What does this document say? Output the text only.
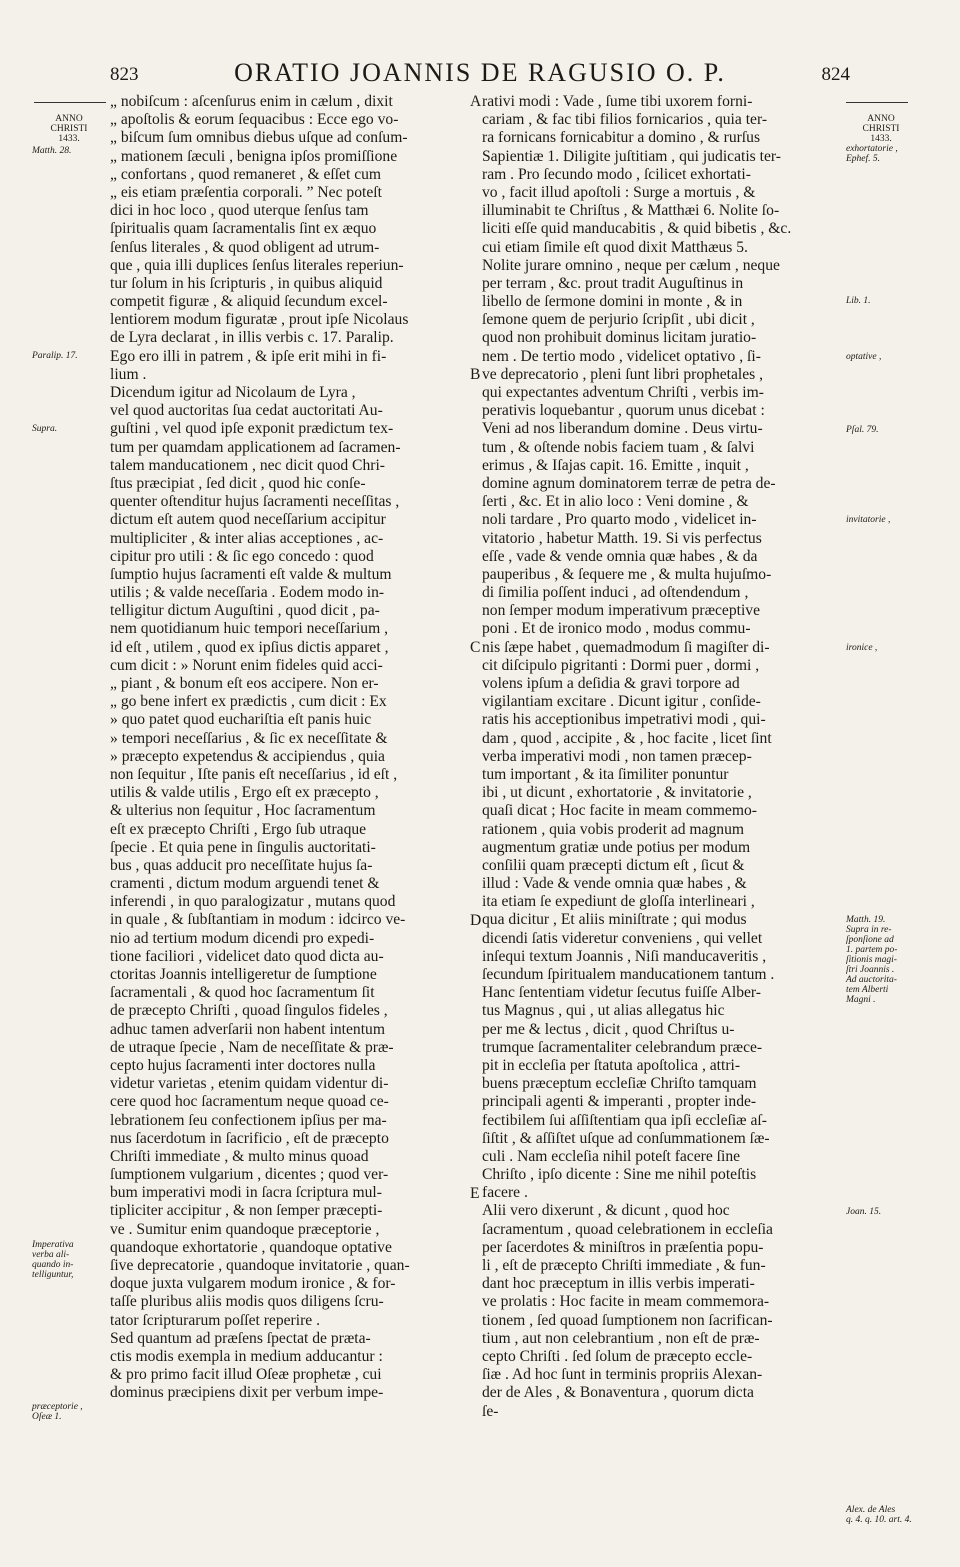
823	ORATIO JOANNIS DE RAGUSIO O. P.	824
„ nobiſcum : aſcenſurus enim in cælum , dixit
„ apoſtolis & eorum ſequacibus : Ecce ego vo-
„ biſcum ſum omnibus diebus uſque ad conſum-
„ mationem ſæculi , benigna ipſos promiſſione
„ confortans , quod remaneret , & eſſet cum
„ eis etiam præſentia corporali. ” Nec poteſt
dici in hoc loco , quod uterque ſenſus tam
ſpiritualis quam ſacramentalis ſint ex æquo
ſenſus literales , & quod obligent ad utrum-
que , quia illi duplices ſenſus literales reperiun-
tur ſolum in his ſcripturis , in quibus aliquid
competit figuræ , & aliquid ſecundum excel-
lentiorem modum figuratæ , prout ipſe Nicolaus
de Lyra declarat , in illis verbis c. 17. Paralip.
Ego ero illi in patrem , & ipſe erit mihi in fi-
lium .
Dicendum igitur ad Nicolaum de Lyra ,
vel quod auctoritas ſua cedat auctoritati Au-
guſtini , vel quod ipſe exponit prædictum tex-
tum per quamdam applicationem ad ſacramen-
talem manducationem , nec dicit quod Chri-
ſtus præcipiat , ſed dicit , quod hic conſe-
quenter oſtenditur hujus ſacramenti neceſſitas ,
dictum eſt autem quod neceſſarium accipitur
multipliciter , & inter alias acceptiones , ac-
cipitur pro utili : & ſic ego concedo : quod
ſumptio hujus ſacramenti eſt valde & multum
utilis ; & valde neceſſaria . Eodem modo in-
telligitur dictum Auguſtini , quod dicit , pa-
nem quotidianum huic tempori neceſſarium ,
id eſt , utilem , quod ex ipſius dictis apparet ,
cum dicit : » Norunt enim fideles quid acci-
„ piant , & bonum eſt eos accipere. Non er-
„ go bene infert ex prædictis , cum dicit : Ex
» quo patet quod euchariſtia eſt panis huic
» tempori neceſſarius , & ſic ex neceſſitate &
» præcepto expetendus & accipiendus , quia
non ſequitur , Iſte panis eſt neceſſarius , id eſt ,
utilis & valde utilis , Ergo eſt ex præcepto ,
& ulterius non ſequitur , Hoc ſacramentum
eſt ex præcepto Chriſti , Ergo ſub utraque
ſpecie . Et quia pene in ſingulis auctoritati-
bus , quas adducit pro neceſſitate hujus ſa-
cramenti , dictum modum arguendi tenet &
inferendi , in quo paralogizatur , mutans quod
in quale , & ſubſtantiam in modum : idcirco ve-
nio ad tertium modum dicendi pro expedi-
tione faciliori , videlicet dato quod dicta au-
ctoritas Joannis intelligeretur de ſumptione
ſacramentali , & quod hoc ſacramentum ſit
de præcepto Chriſti , quoad ſingulos fideles ,
adhuc tamen adverſarii non habent intentum
de utraque ſpecie , Nam de neceſſitate & præ-
cepto hujus ſacramenti inter doctores nulla
videtur varietas , etenim quidam videntur di-
cere quod hoc ſacramentum neque quoad ce-
lebrationem ſeu confectionem ipſius per ma-
nus ſacerdotum in ſacrificio , eſt de præcepto
Chriſti immediate , & multo minus quoad
ſumptionem vulgarium , dicentes ; quod ver-
bum imperativi modi in ſacra ſcriptura mul-
tipliciter accipitur , & non ſemper præcepti-
ve . Sumitur enim quandoque præceptorie ,
quandoque exhortatorie , quandoque optative
ſive deprecatorie , quandoque invitatorie , quan-
doque juxta vulgarem modum ironice , & for-
taſſe pluribus aliis modis quos diligens ſcru-
tator ſcripturarum poſſet reperire .
Sed quantum ad præſens ſpectat de præta-
ctis modis exempla in medium adducantur :
& pro primo facit illud Oſeæ prophetæ , cui
dominus præcipiens dixit per verbum impe-
rativi modi : Vade , ſume tibi uxorem forni-
cariam , & fac tibi filios fornicarios , quia ter-
ra fornicans fornicabitur a domino , & rurſus
Sapientiæ 1. Diligite juſtitiam , qui judicatis ter-
ram . Pro ſecundo modo , ſcilicet exhortati-
vo , facit illud apoſtoli : Surge a mortuis , &
illuminabit te Chriſtus , & Matthæi 6. Nolite ſo-
liciti eſſe quid manducabitis , & quid bibetis , &c.
cui etiam ſimile eſt quod dixit Matthæus 5.
Nolite jurare omnino , neque per cælum , neque
per terram , &c. prout tradit Auguſtinus in
libello de ſermone domini in monte , & in
ſemone quem de perjurio ſcripſit , ubi dicit ,
quod non prohibuit dominus licitam juratio-
nem . De tertio modo , videlicet optativo , ſi-
ve deprecatorio , pleni ſunt libri prophetales ,
qui expectantes adventum Chriſti , verbis im-
perativis loquebantur , quorum unus dicebat :
Veni ad nos liberandum domine . Deus virtu-
tum , & oſtende nobis faciem tuam , & ſalvi
erimus , & Iſajas capit. 16. Emitte , inquit ,
domine agnum dominatorem terræ de petra de-
ſerti , &c. Et in alio loco : Veni domine , &
noli tardare , Pro quarto modo , videlicet in-
vitatorio , habetur Matth. 19. Si vis perfectus
eſſe , vade & vende omnia quæ habes , & da
pauperibus , & ſequere me , & multa hujuſmo-
di ſimilia poſſent induci , ad oſtendendum ,
non ſemper modum imperativum præceptive
poni . Et de ironico modo , modus commu-
nis ſæpe habet , quemadmodum ſi magiſter di-
cit diſcipulo pigritanti : Dormi puer , dormi ,
volens ipſum a deſidia & gravi torpore ad
vigilantiam excitare . Dicunt igitur , conſide-
ratis his acceptionibus impetrativi modi , qui-
dam , quod , accipite , & , hoc facite , licet ſint
verba imperativi modi , non tamen præcep-
tum important , & ita ſimiliter ponuntur
ibi , ut dicunt , exhortatorie , & invitatorie ,
quaſi dicat ; Hoc facite in meam commemo-
rationem , quia vobis proderit ad magnum
augmentum gratiæ unde potius per modum
conſilii quam præcepti dictum eſt , ſicut &
illud : Vade & vende omnia quæ habes , &
ita etiam ſe expediunt de gloſſa interlineari ,
qua dicitur , Et aliis miniſtrate ; qui modus
dicendi ſatis videretur conveniens , qui vellet
inſequi textum Joannis , Niſi manducaveritis ,
ſecundum ſpiritualem manducationem tantum .
Hanc ſententiam videtur ſecutus fuiſſe Alber-
tus Magnus , qui , ut alias allegatus hic
per me & lectus , dicit , quod Chriſtus u-
trumque ſacramentaliter celebrandum præce-
pit in eccleſia per ſtatuta apoſtolica , attri-
buens præceptum eccleſiæ Chriſto tamquam
principali agenti & imperanti , propter inde-
fectibilem ſui aſſiſtentiam qua ipſi eccleſiæ aſ-
ſiſtit , & aſſiſtet uſque ad conſummationem ſæ-
culi . Nam eccleſia nihil poteſt facere ſine
Chriſto , ipſo dicente : Sine me nihil poteſtis
facere .
Alii vero dixerunt , & dicunt , quod hoc
ſacramentum , quoad celebrationem in eccleſia
per ſacerdotes & miniſtros in præſentia popu-
li , eſt de præcepto Chriſti immediate , & fun-
dant hoc præceptum in illis verbis imperati-
ve prolatis : Hoc facite in meam commemora-
tionem , ſed quoad ſumptionem non ſacrifican-
tium , aut non celebrantium , non eſt de præ-
cepto Chriſti . ſed ſolum de præcepto eccle-
ſiæ . Ad hoc ſunt in terminis propriis Alexan-
der de Ales , & Bonaventura , quorum dicta
ſe-
A
B
C
D
E
ANNO
CHRISTI
1433.
Matth. 28.
Paralip. 17.
Supra.
Imperativa
verba ali-
quando in-
telliguntur,
præceptorie ,
Oſeæ 1.
ANNO
CHRISTI
1433.
exhortatorie ,
Ephef. 5.
Lib. 1.
optative ,
Pſal. 79.
invitatorie ,
ironice ,
Matth. 19.
Supra in re-
ſponſione ad
1. partem po-
ſitionis magi-
ſtri Joannis .
Ad auctorita-
tem Alberti
Magni .
Joan. 15.
Alex. de Ales
q. 4. q. 10. art. 4.
